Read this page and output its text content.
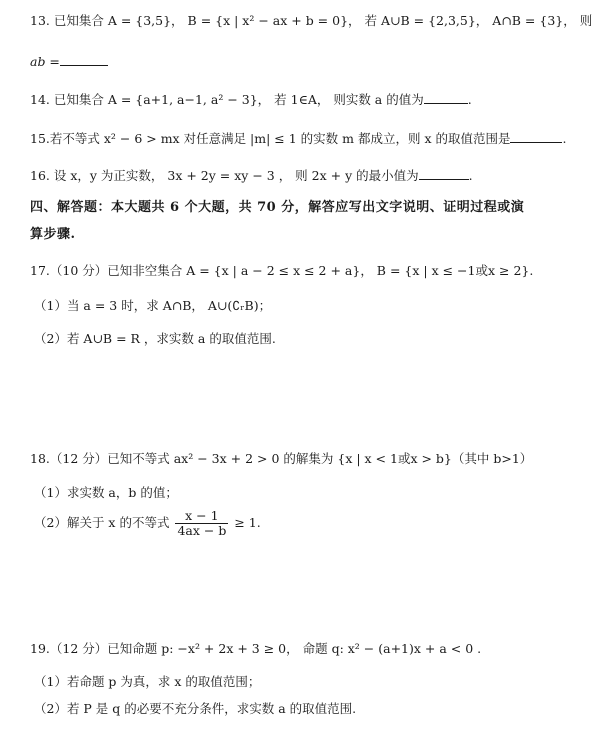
13. 已知集合 A = {3,5}， B = {x | x² − ax + b = 0}， 若 A∪B = {2,3,5}， A∩B = {3}， 则
ab =
14. 已知集合 A = {a+1, a−1, a² − 3}， 若 1∈A， 则实数 a 的值为	.
15.若不等式 x² − 6 > mx 对任意满足 |m| ≤ 1 的实数 m 都成立，则 x 的取值范围是	.
16. 设 x，y 为正实数， 3x + 2y = xy − 3 ， 则 2x + y 的最小值为	.
四、解答题：本大题共 6 个大题，共 70 分，解答应写出文字说明、证明过程或演
算步骤.
17.（10 分）已知非空集合 A = {x | a − 2 ≤ x ≤ 2 + a}， B = {x | x ≤ −1或x ≥ 2}.
（1）当 a = 3 时，求 A∩B， A∪(∁ᵣB)；
（2）若 A∪B = R ，求实数 a 的取值范围.
18.（12 分）已知不等式 ax² − 3x + 2 > 0 的解集为 {x | x < 1或x > b}（其中 b>1）
（1）求实数 a，b 的值；
（2）解关于 x 的不等式 $\frac{x - 1}{4ax - b} \ge 1$.
19.（12 分）已知命题 p: −x² + 2x + 3 ≥ 0， 命题 q: x² − (a+1)x + a < 0 .
（1）若命题 p 为真，求 x 的取值范围；
（2）若 P 是 q 的必要不充分条件，求实数 a 的取值范围.
